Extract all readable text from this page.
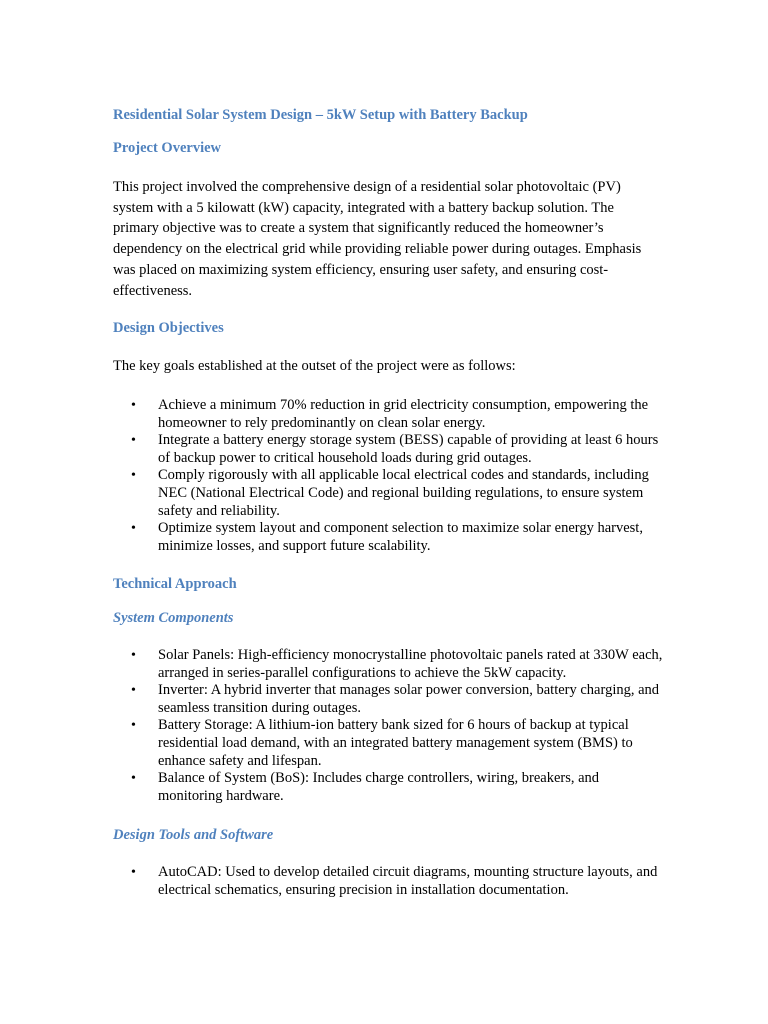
Residential Solar System Design – 5kW Setup with Battery Backup
Project Overview

This project involved the comprehensive design of a residential solar photovoltaic (PV) system with a 5 kilowatt (kW) capacity, integrated with a battery backup solution. The primary objective was to create a system that significantly reduced the homeowner’s dependency on the electrical grid while providing reliable power during outages. Emphasis was placed on maximizing system efficiency, ensuring user safety, and ensuring cost-effectiveness.

Design Objectives

The key goals established at the outset of the project were as follows:

• Achieve a minimum 70% reduction in grid electricity consumption, empowering the homeowner to rely predominantly on clean solar energy.
• Integrate a battery energy storage system (BESS) capable of providing at least 6 hours of backup power to critical household loads during grid outages.
• Comply rigorously with all applicable local electrical codes and standards, including NEC (National Electrical Code) and regional building regulations, to ensure system safety and reliability.
• Optimize system layout and component selection to maximize solar energy harvest, minimize losses, and support future scalability.
Technical Approach
System Components
• Solar Panels: High-efficiency monocrystalline photovoltaic panels rated at 330W each, arranged in series-parallel configurations to achieve the 5kW capacity.
• Inverter: A hybrid inverter that manages solar power conversion, battery charging, and seamless transition during outages.
• Battery Storage: A lithium-ion battery bank sized for 6 hours of backup at typical residential load demand, with an integrated battery management system (BMS) to enhance safety and lifespan.
• Balance of System (BoS): Includes charge controllers, wiring, breakers, and monitoring hardware.
Design Tools and Software
• AutoCAD: Used to develop detailed circuit diagrams, mounting structure layouts, and electrical schematics, ensuring precision in installation documentation.
